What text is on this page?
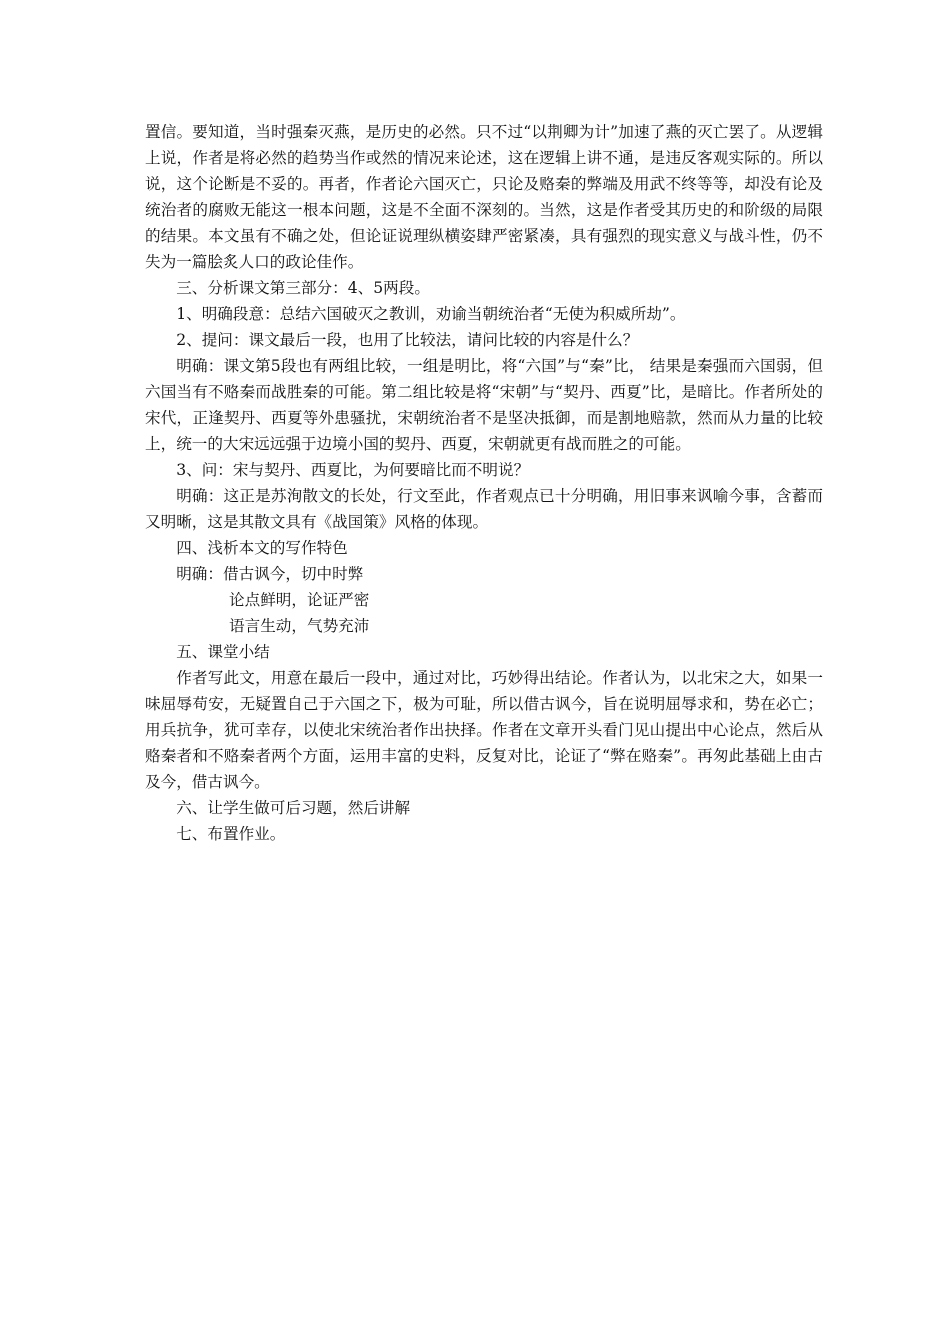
置信。要知道，当时强秦灭燕，是历史的必然。只不过“以荆卿为计”加速了燕的灭亡罢了。从逻辑上说，作者是将必然的趋势当作或然的情况来论述，这在逻辑上讲不通，是违反客观实际的。所以说，这个论断是不妥的。再者，作者论六国灭亡，只论及赂秦的弊端及用武不终等等，却没有论及统治者的腐败无能这一根本问题，这是不全面不深刻的。当然，这是作者受其历史的和阶级的局限的结果。本文虽有不确之处，但论证说理纵横姿肆严密紧凑，具有强烈的现实意义与战斗性，仍不失为一篇脍炙人口的政论佳作。

三、分析课文第三部分：4、5两段。

1、明确段意：总结六国破灭之教训，劝谕当朝统治者“无使为积威所劫”。

2、提问：课文最后一段，也用了比较法，请问比较的内容是什么？

明确：课文第5段也有两组比较，一组是明比，将“六国”与“秦”比， 结果是秦强而六国弱，但六国当有不赂秦而战胜秦的可能。第二组比较是将“宋朝”与“契丹、西夏”比，是暗比。作者所处的宋代，正逢契丹、西夏等外患骚扰，宋朝统治者不是坚决抵御，而是割地赔款，然而从力量的比较上，统一的大宋远远强于边境小国的契丹、西夏，宋朝就更有战而胜之的可能。

3、问：宋与契丹、西夏比，为何要暗比而不明说？

明确：这正是苏洵散文的长处，行文至此，作者观点已十分明确，用旧事来讽喻今事，含蓄而又明晰，这是其散文具有《战国策》风格的体现。

四、浅析本文的写作特色

明确：借古讽今，切中时弊

论点鲜明，论证严密

语言生动，气势充沛

五、课堂小结

作者写此文，用意在最后一段中，通过对比，巧妙得出结论。作者认为，以北宋之大，如果一味屈辱苟安，无疑置自己于六国之下，极为可耻，所以借古讽今，旨在说明屈辱求和，势在必亡；用兵抗争，犹可幸存，以使北宋统治者作出抉择。作者在文章开头看门见山提出中心论点，然后从赂秦者和不赂秦者两个方面，运用丰富的史料，反复对比，论证了“弊在赂秦”。再匆此基础上由古及今，借古讽今。

六、让学生做可后习题，然后讲解

七、布置作业。
